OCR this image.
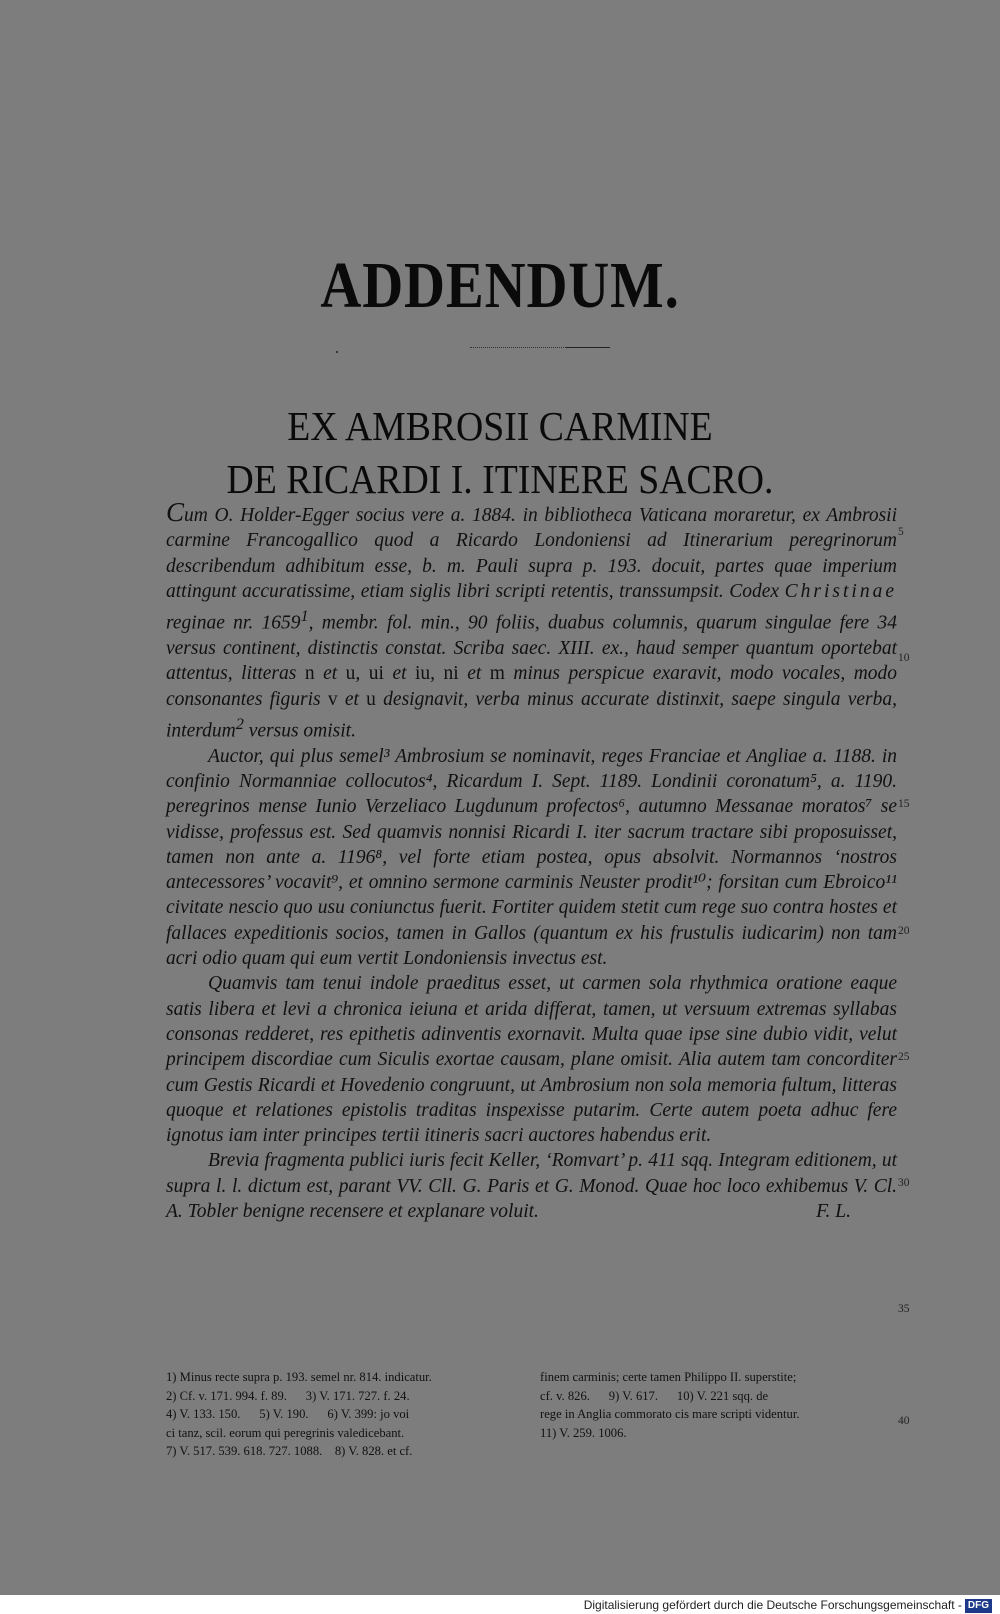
ADDENDUM.
EX AMBROSII CARMINE
DE RICARDI I. ITINERE SACRO.

Cum O. Holder-Egger socius vere a. 1884. in bibliotheca Vaticana moraretur, ex Ambrosii carmine Francogallico quod a Ricardo Londoniensi ad Itinerarium peregrinorum describendum adhibitum esse, b. m. Pauli supra p. 193. docuit, partes quae imperium attingunt accuratissime, etiam siglis libri scripti retentis, transsumpsit. Codex Christinae reginae nr. 1659$^1$, membr. fol. min., 90 foliis, duabus columnis, quarum singulae fere 34 versus continent, distinctis constat. Scriba saec. XIII. ex., haud semper quantum oportebat attentus, litteras n et u, ui et iu, ni et m minus perspicue exaravit, modo vocales, modo consonantes figuris v et u designavit, verba minus accurate distinxit, saepe singula verba, interdum$^2$ versus omisit.

Auctor, qui plus semel³ Ambrosium se nominavit, reges Franciae et Angliae a. 1188. in confinio Normanniae collocutos⁴, Ricardum I. Sept. 1189. Londinii coronatum⁵, a. 1190. peregrinos mense Iunio Verzeliaco Lugdunum profectos⁶, autumno Messanae moratos⁷ se vidisse, professus est. Sed quamvis nonnisi Ricardi I. iter sacrum tractare sibi proposuisset, tamen non ante a. 1196⁸, vel forte etiam postea, opus absolvit. Normannos ‘nostros antecessores’ vocavit⁹, et omnino sermone carminis Neuster prodit¹⁰; forsitan cum Ebroico¹¹ civitate nescio quo usu coniunctus fuerit. Fortiter quidem stetit cum rege suo contra hostes et fallaces expeditionis socios, tamen in Gallos (quantum ex his frustulis iudicarim) non tam acri odio quam qui eum vertit Londoniensis invectus est.

Quamvis tam tenui indole praeditus esset, ut carmen sola rhythmica oratione eaque satis libera et levi a chronica ieiuna et arida differat, tamen, ut versuum extremas syllabas consonas redderet, res epithetis adinventis exornavit. Multa quae ipse sine dubio vidit, velut principem discordiae cum Siculis exortae causam, plane omisit. Alia autem tam concorditer cum Gestis Ricardi et Hovedenio congruunt, ut Ambrosium non sola memoria fultum, litteras quoque et relationes epistolis traditas inspexisse putarim. Certe autem poeta adhuc fere ignotus iam inter principes tertii itineris sacri auctores habendus erit.

Brevia fragmenta publici iuris fecit Keller, ‘Romvart’ p. 411 sqq. Integram editionem, ut supra l. l. dictum est, parant VV. Cll. G. Paris et G. Monod. Quae hoc loco exhibemus V. Cl. A. Tobler benigne recensere et explanare voluit.	F. L.
5
10
15
20
25
30
35
40
1) Minus recte supra p. 193. semel nr. 814. indicatur.
2) Cf. v. 171. 994. f. 89.      3) V. 171. 727. f. 24.
4) V. 133. 150.      5) V. 190.      6) V. 399: jo voi
ci tanz, scil. eorum qui peregrinis valedicebant.
7) V. 517. 539. 618. 727. 1088.    8) V. 828. et cf.
finem carminis; certe tamen Philippo II. superstite;
cf. v. 826.      9) V. 617.      10) V. 221 sqq. de
rege in Anglia commorato cis mare scripti videntur.
11) V. 259. 1006.
Digitalisierung gefördert durch die Deutsche Forschungsgemeinschaft - DFG
